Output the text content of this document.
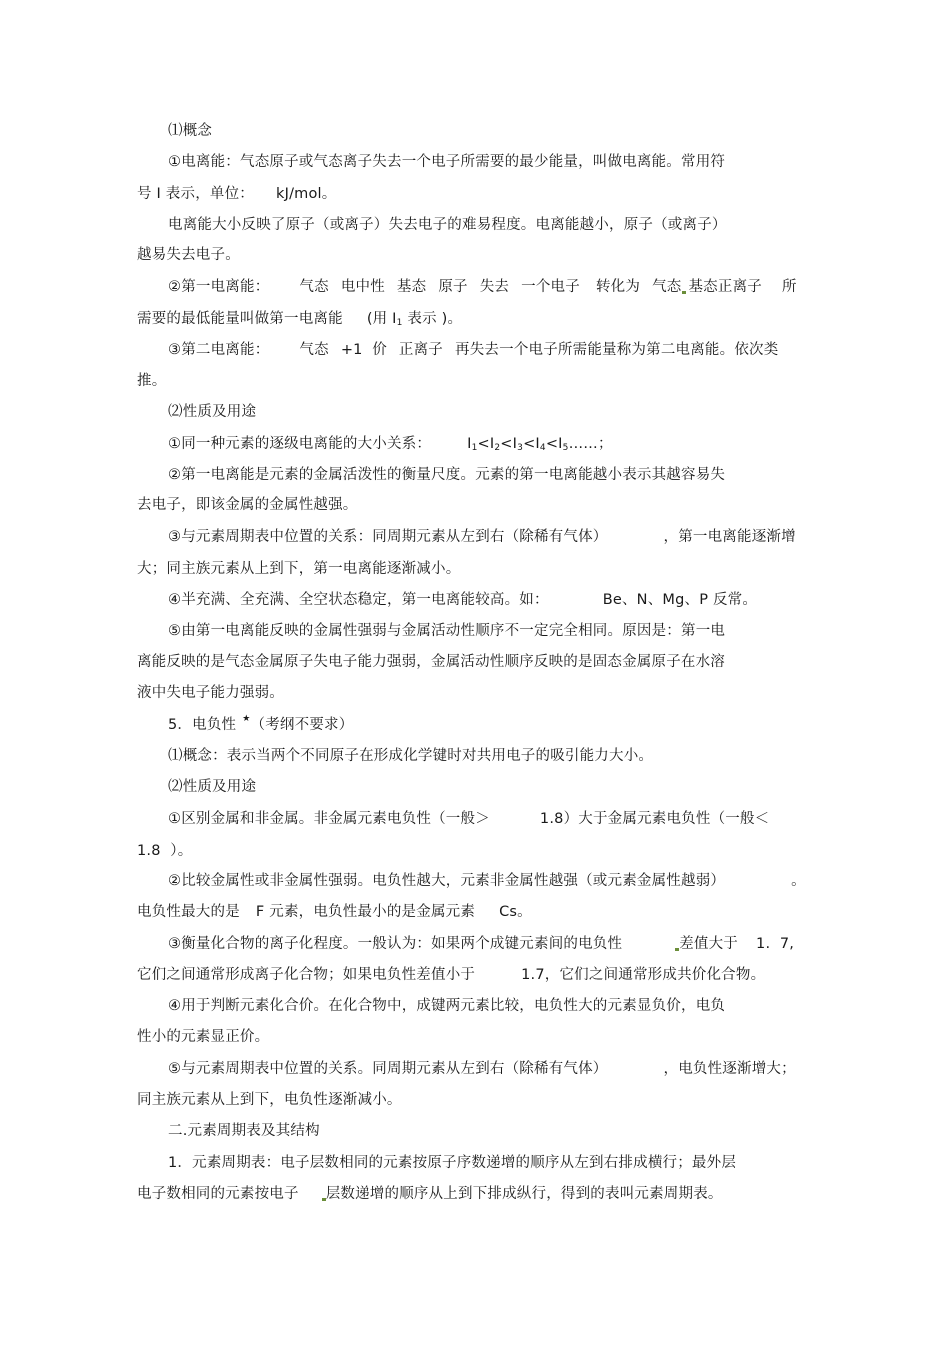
⑴概念
①电离能：气态原子或气态离子失去一个电子所需要的最少能量，叫做电离能。常用符
号 I 表示，单位： kJ/mol。
电离能大小反映了原子（或离子）失去电子的难易程度。电离能越小，原子（或离子）
越易失去电子。
②第一电离能： 气态 电中性 基态 原子 失去 一个电子 转化为 气态 基态正离子 所
需要的最低能量叫做第一电离能 (用 $I_1$ 表示 )。
③第二电离能： 气态 +1  价 正离子 再失去一个电子所需能量称为第二电离能。依次类
推。
⑵性质及用途
①同一种元素的逐级电离能的大小关系： $I_1<I_2<I_3<I_4<I_5\dots\dots$；
②第一电离能是元素的金属活泼性的衡量尺度。元素的第一电离能越小表示其越容易失
去电子，即该金属的金属性越强。
③与元素周期表中位置的关系：同周期元素从左到右（除稀有气体）	，第一电离能逐渐增
大；同主族元素从上到下，第一电离能逐渐减小。
④半充满、全充满、全空状态稳定，第一电离能较高。如：	Be、N、Mg、P 反常。
⑤由第一电离能反映的金属性强弱与金属活动性顺序不一定完全相同。原因是：第一电
离能反映的是气态金属原子失电子能力强弱，金属活动性顺序反映的是固态金属原子在水溶
液中失电子能力强弱。
5．电负性 ★（考纲不要求）
⑴概念：表示当两个不同原子在形成化学键时对共用电子的吸引能力大小。
⑵性质及用途
①区别金属和非金属。非金属元素电负性（一般＞	1.8）大于金属元素电负性（一般＜
1.8  ）。
②比较金属性或非金属性强弱。电负性越大，元素非金属性越强（或元素金属性越弱）	。
电负性最大的是 F 元素，电负性最小的是金属元素 Cs。
③衡量化合物的离子化程度。一般认为：如果两个成键元素间的电负性	差值大于 1.  7,
它们之间通常形成离子化合物；如果电负性差值小于	1.7，它们之间通常形成共价化合物。
④用于判断元素化合价。在化合物中，成键两元素比较，电负性大的元素显负价，电负
性小的元素显正价。
⑤与元素周期表中位置的关系。同周期元素从左到右（除稀有气体）	，电负性逐渐增大；
同主族元素从上到下，电负性逐渐减小。
二.元素周期表及其结构
1．元素周期表：电子层数相同的元素按原子序数递增的顺序从左到右排成横行；最外层
电子数相同的元素按电子 层数递增的顺序从上到下排成纵行，得到的表叫元素周期表。
